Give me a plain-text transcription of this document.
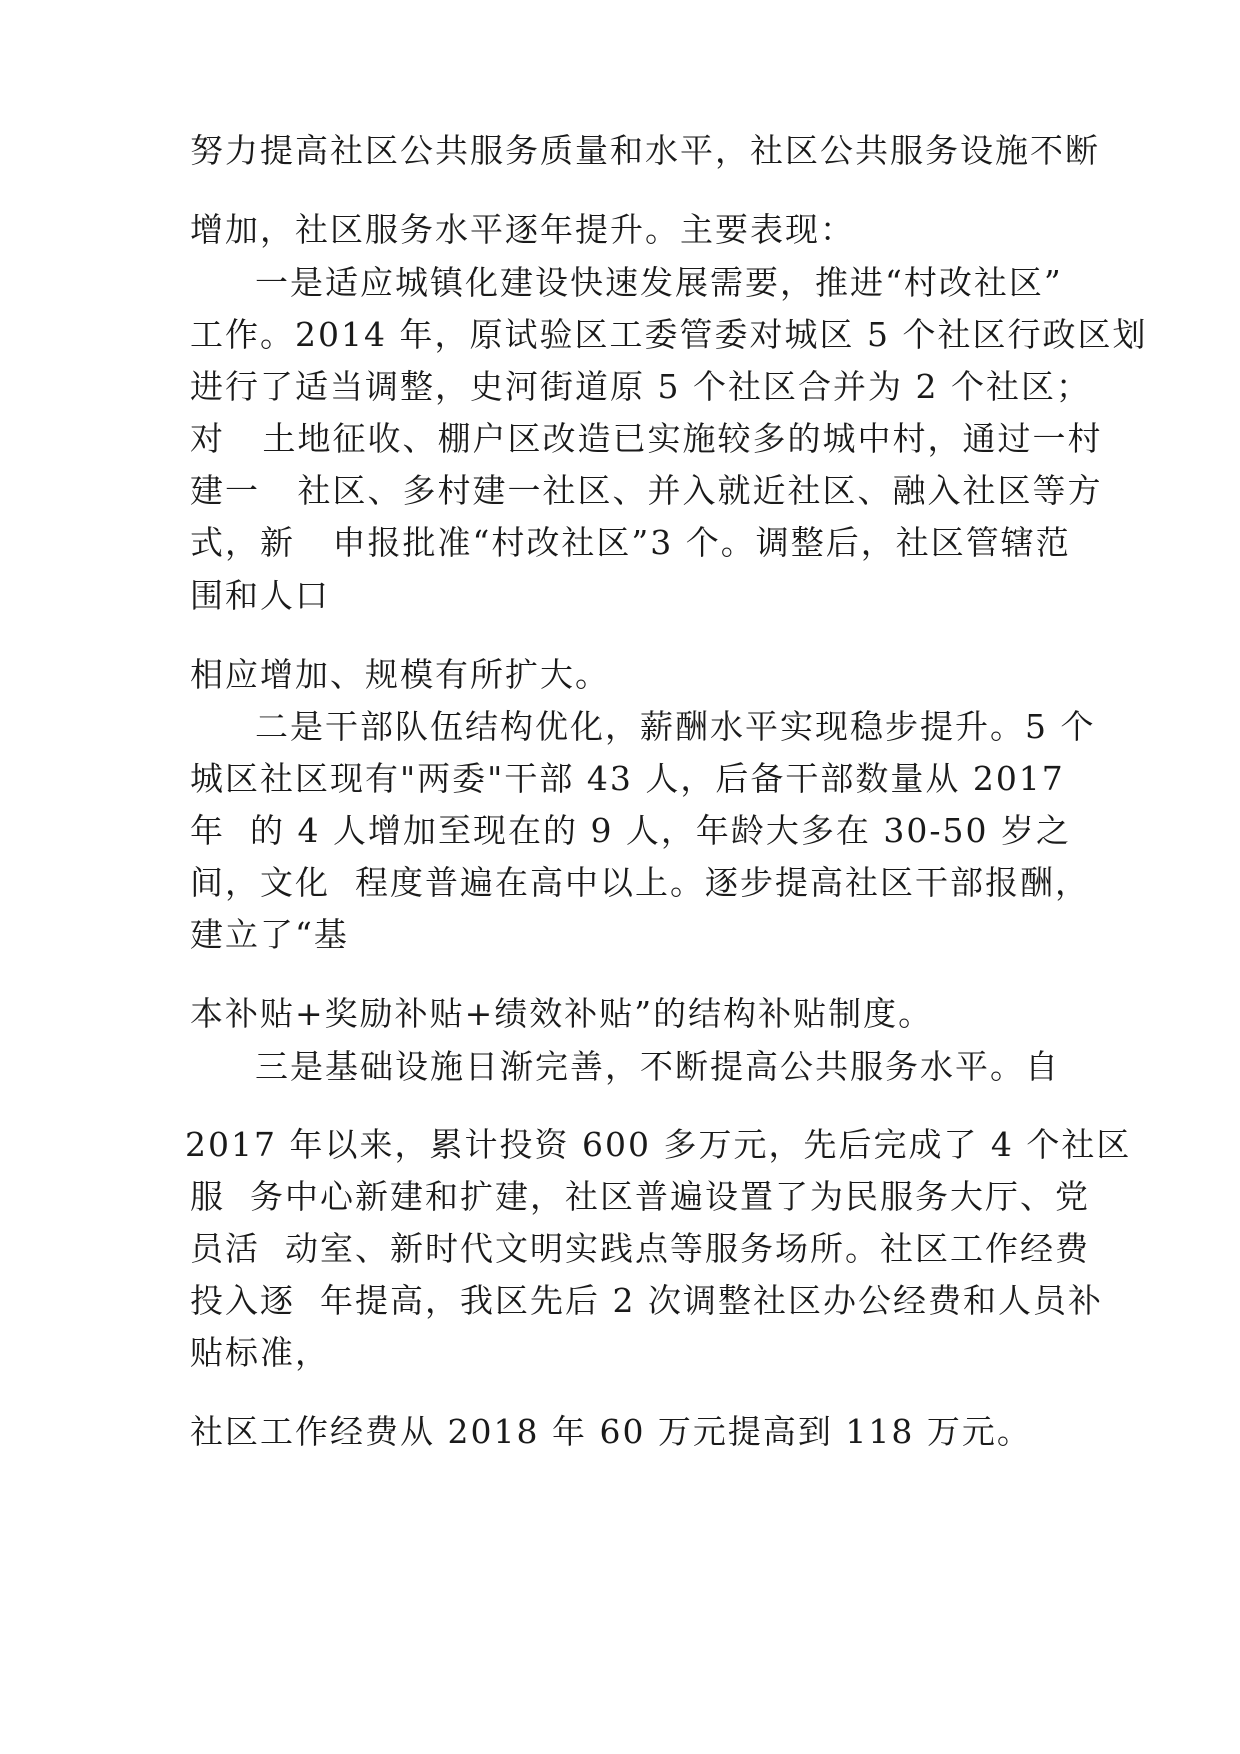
努力提高社区公共服务质量和水平，社区公共服务设施不断
增加，社区服务水平逐年提升。主要表现：
一是适应城镇化建设快速发展需要，推进“村改社区”
工作。2014 年，原试验区工委管委对城区 5 个社区行政区划
进行了适当调整，史河街道原 5 个社区合并为 2 个社区；
对   土地征收、棚户区改造已实施较多的城中村，通过一村
建一   社区、多村建一社区、并入就近社区、融入社区等方
式，新   申报批准“村改社区”3 个。调整后，社区管辖范
围和人口
相应增加、规模有所扩大。
二是干部队伍结构优化，薪酬水平实现稳步提升。5 个
城区社区现有"两委"干部 43 人，后备干部数量从 2017
年  的 4 人增加至现在的 9 人，年龄大多在 30-50 岁之
间，文化  程度普遍在高中以上。逐步提高社区干部报酬，
建立了“基
本补贴+奖励补贴+绩效补贴”的结构补贴制度。
三是基础设施日渐完善，不断提高公共服务水平。自
2017 年以来，累计投资 600 多万元，先后完成了 4 个社区
服  务中心新建和扩建，社区普遍设置了为民服务大厅、党
员活  动室、新时代文明实践点等服务场所。社区工作经费
投入逐  年提高，我区先后 2 次调整社区办公经费和人员补
贴标准，
社区工作经费从 2018 年 60 万元提高到 118 万元。
